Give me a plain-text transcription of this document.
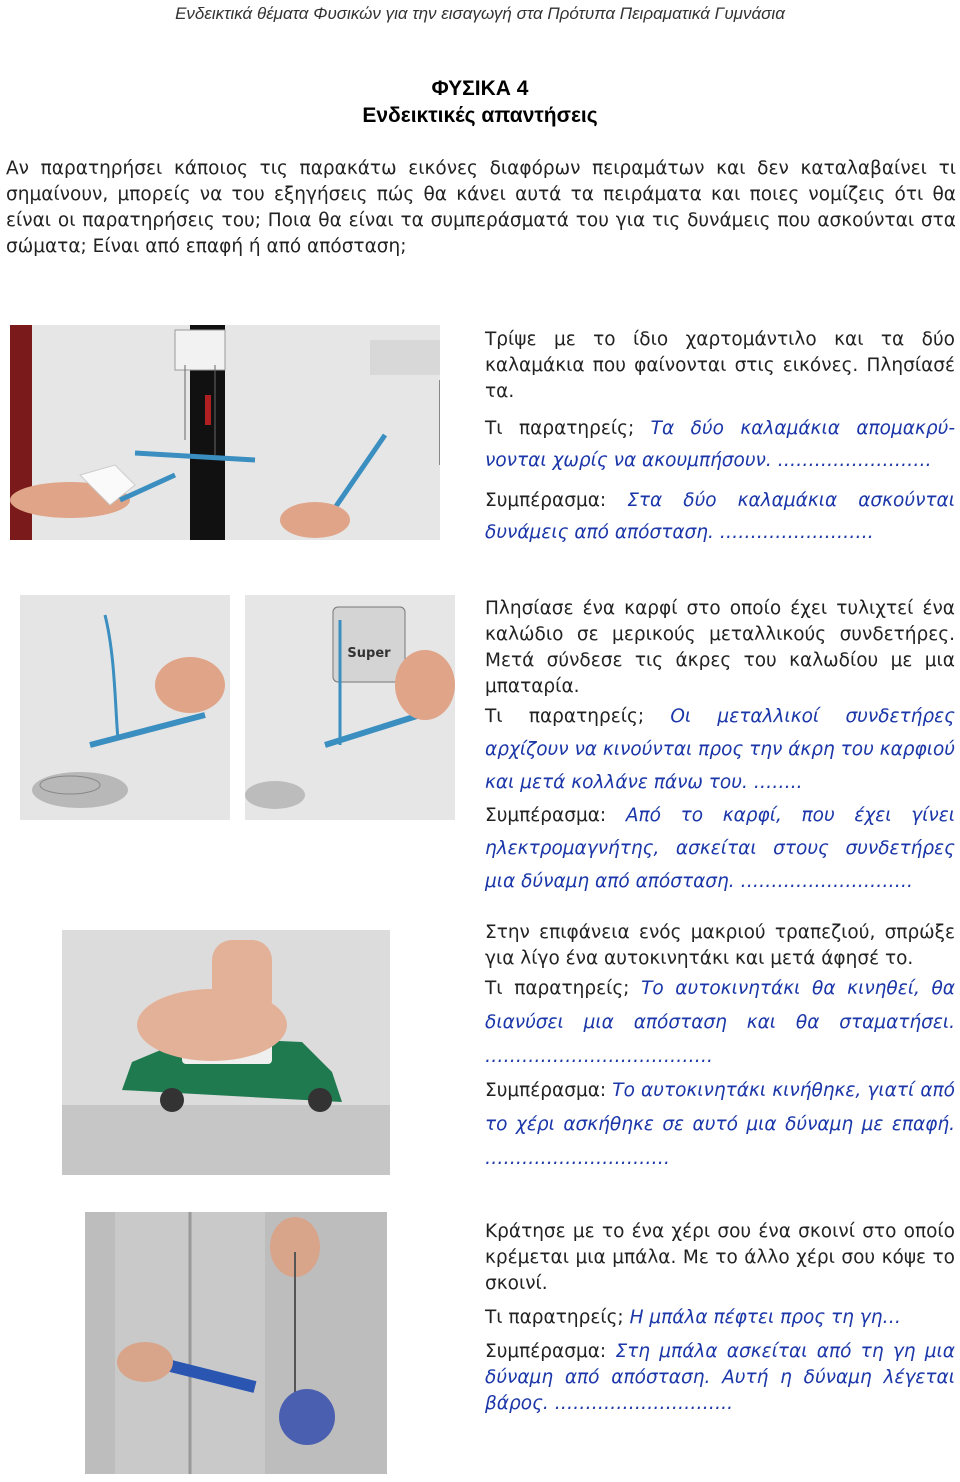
Ενδεικτικά θέματα Φυσικών για την εισαγωγή στα Πρότυπα Πειραματικά Γυμνάσια
ΦΥΣΙΚΑ 4
Ενδεικτικές απαντήσεις

Αν παρατηρήσει κάποιος τις παρακάτω εικόνες διαφόρων πειραμάτων και δεν καταλαβαίνει τι σημαίνουν, μπορείς να του εξηγήσεις πώς θα κάνει αυτά τα πειράματα και ποιες νομίζεις ότι θα είναι οι παρατηρήσεις του; Ποια θα είναι τα συμπεράσματά του για τις δυνάμεις που ασκούνται στα σώματα; Είναι από επαφή ή από απόσταση;

Super

Τρίψε με το ίδιο χαρτομάντιλο και τα δύο καλαμάκια που φαίνονται στις εικόνες. Πλησίασέ τα.

Τι παρατηρείς; Τα δύο καλαμάκια απομακρύ-νονται χωρίς να ακουμπήσουν. …………………….

Συμπέρασμα: Στα δύο καλαμάκια ασκούνται δυνάμεις από απόσταση. …………………….

Πλησίασε ένα καρφί στο οποίο έχει τυλιχτεί ένα καλώδιο σε μερικούς μεταλλικούς συνδετήρες. Μετά σύνδεσε τις άκρες του καλωδίου με μια μπαταρία.

Τι παρατηρείς; Οι μεταλλικοί συνδετήρες αρχίζουν να κινούνται προς την άκρη του καρφιού και μετά κολλάνε πάνω του. ……..

Συμπέρασμα: Από το καρφί, που έχει γίνει ηλεκτρομαγνήτης, ασκείται στους συνδετήρες μια δύναμη από απόσταση. ……………………….

Στην επιφάνεια ενός μακριού τραπεζιού, σπρώξε για λίγο ένα αυτοκινητάκι και μετά άφησέ το.

Τι παρατηρείς; Το αυτοκινητάκι θα κινηθεί, θα διανύσει μια απόσταση και θα σταματήσει. ……………………………….

Συμπέρασμα: Το αυτοκινητάκι κινήθηκε, γιατί από το χέρι ασκήθηκε σε αυτό μια δύναμη με επαφή. …………………………

Κράτησε με το ένα χέρι σου ένα σκοινί στο οποίο κρέμεται μια μπάλα. Με το άλλο χέρι σου κόψε το σκοινί.

Τι παρατηρείς; Η μπάλα πέφτει προς τη γη…

Συμπέρασμα: Στη μπάλα ασκείται από τη γη μια δύναμη από απόσταση. Αυτή η δύναμη λέγεται βάρος. ………………………..
